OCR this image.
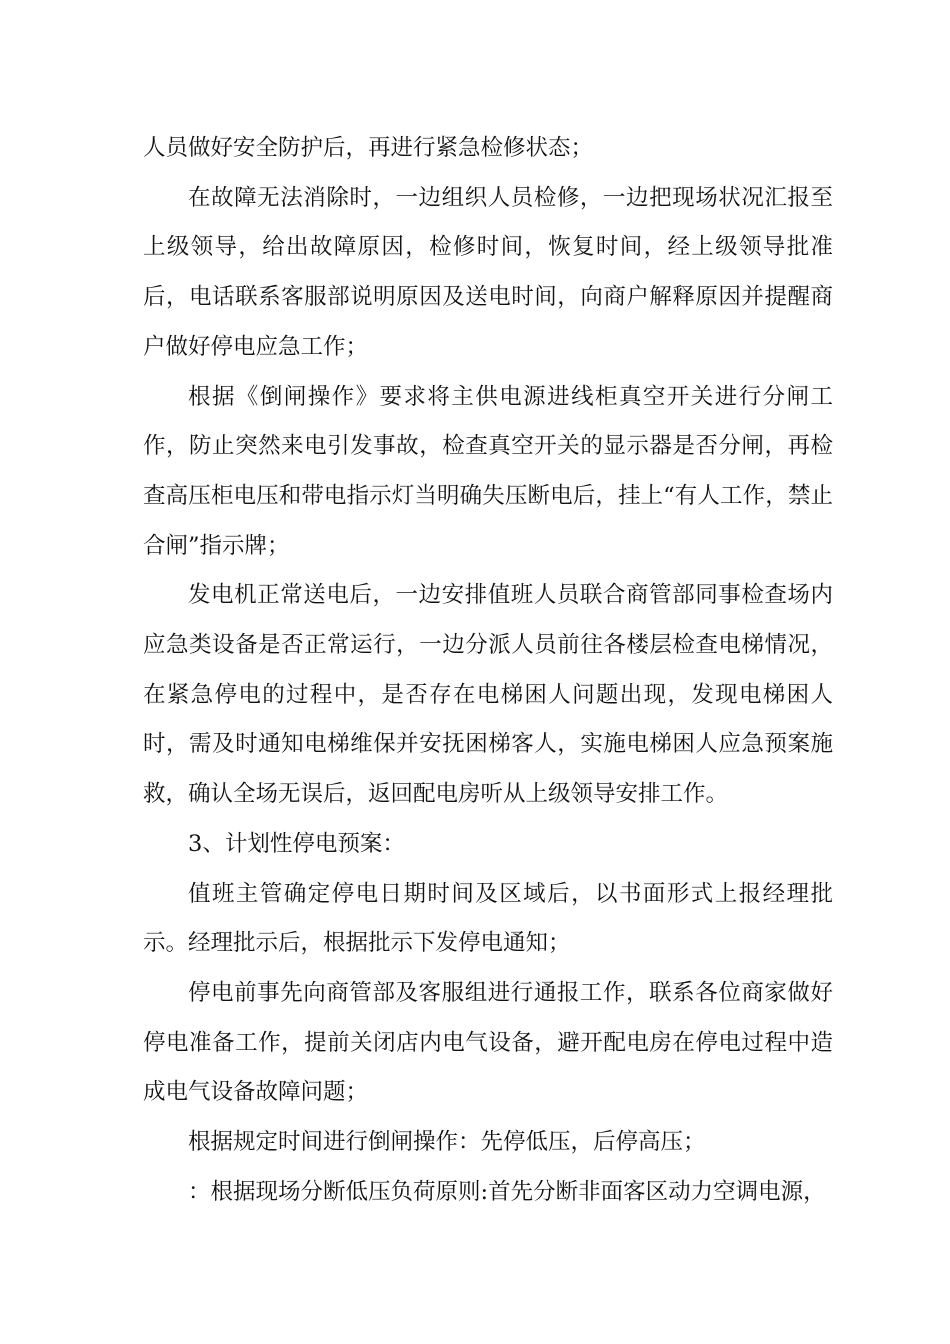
人员做好安全防护后，再进行紧急检修状态；

在故障无法消除时，一边组织人员检修，一边把现场状况汇报至上级领导，给出故障原因，检修时间，恢复时间，经上级领导批准后，电话联系客服部说明原因及送电时间，向商户解释原因并提醒商户做好停电应急工作；

根据《倒闸操作》要求将主供电源进线柜真空开关进行分闸工作，防止突然来电引发事故，检查真空开关的显示器是否分闸，再检查高压柜电压和带电指示灯当明确失压断电后，挂上“有人工作，禁止合闸”指示牌；

发电机正常送电后，一边安排值班人员联合商管部同事检查场内应急类设备是否正常运行，一边分派人员前往各楼层检查电梯情况，在紧急停电的过程中，是否存在电梯困人问题出现，发现电梯困人时，需及时通知电梯维保并安抚困梯客人，实施电梯困人应急预案施救，确认全场无误后，返回配电房听从上级领导安排工作。

3、计划性停电预案：

值班主管确定停电日期时间及区域后，以书面形式上报经理批示。经理批示后，根据批示下发停电通知；

停电前事先向商管部及客服组进行通报工作，联系各位商家做好停电准备工作，提前关闭店内电气设备，避开配电房在停电过程中造成电气设备故障问题；

根据规定时间进行倒闸操作：先停低压，后停高压；

：根据现场分断低压负荷原则:首先分断非面客区动力空调电源，
